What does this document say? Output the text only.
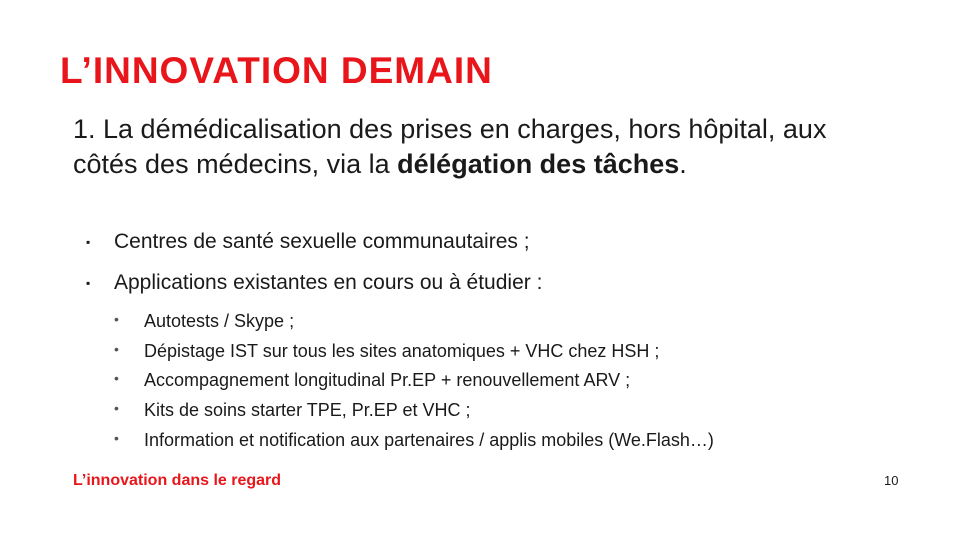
L’INNOVATION DEMAIN
1. La démédicalisation des prises en charges, hors hôpital, aux côtés des médecins, via la délégation des tâches.
▪ Centres de santé sexuelle communautaires ;
▪ Applications existantes en cours ou à étudier :
• Autotests / Skype ;
• Dépistage IST sur tous les sites anatomiques + VHC chez HSH ;
• Accompagnement longitudinal Pr.EP + renouvellement ARV ;
• Kits de soins starter TPE, Pr.EP et VHC ;
• Information et notification aux partenaires / applis mobiles (We.Flash…)
L’innovation dans le regard	10
